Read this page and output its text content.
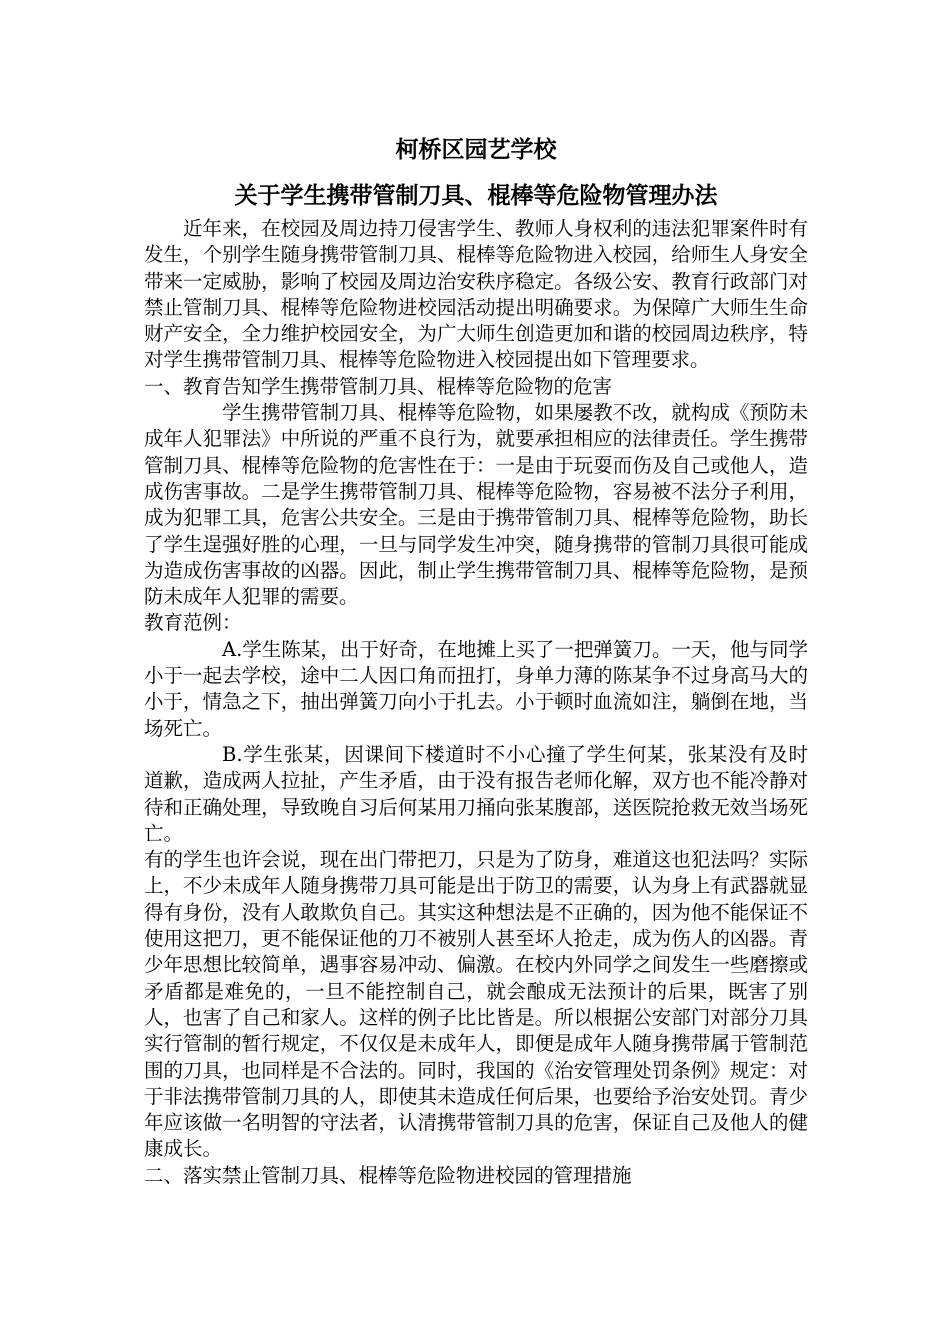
柯桥区园艺学校
关于学生携带管制刀具、棍棒等危险物管理办法

近年来，在校园及周边持刀侵害学生、教师人身权利的违法犯罪案件时有发生，个别学生随身携带管制刀具、棍棒等危险物进入校园，给师生人身安全带来一定威胁，影响了校园及周边治安秩序稳定。各级公安、教育行政部门对禁止管制刀具、棍棒等危险物进校园活动提出明确要求。为保障广大师生生命财产安全，全力维护校园安全，为广大师生创造更加和谐的校园周边秩序，特对学生携带管制刀具、棍棒等危险物进入校园提出如下管理要求。

一、教育告知学生携带管制刀具、棍棒等危险物的危害

学生携带管制刀具、棍棒等危险物，如果屡教不改，就构成《预防未成年人犯罪法》中所说的严重不良行为，就要承担相应的法律责任。学生携带管制刀具、棍棒等危险物的危害性在于：一是由于玩耍而伤及自己或他人，造成伤害事故。二是学生携带管制刀具、棍棒等危险物，容易被不法分子利用，成为犯罪工具，危害公共安全。三是由于携带管制刀具、棍棒等危险物，助长了学生逞强好胜的心理，一旦与同学发生冲突，随身携带的管制刀具很可能成为造成伤害事故的凶器。因此，制止学生携带管制刀具、棍棒等危险物，是预防未成年人犯罪的需要。

教育范例：

A.学生陈某，出于好奇，在地摊上买了一把弹簧刀。一天，他与同学小于一起去学校，途中二人因口角而扭打，身单力薄的陈某争不过身高马大的小于，情急之下，抽出弹簧刀向小于扎去。小于顿时血流如注，躺倒在地，当场死亡。

B.学生张某，因课间下楼道时不小心撞了学生何某，张某没有及时道歉，造成两人拉扯，产生矛盾，由于没有报告老师化解，双方也不能冷静对待和正确处理，导致晚自习后何某用刀捅向张某腹部，送医院抢救无效当场死亡。

有的学生也许会说，现在出门带把刀，只是为了防身，难道这也犯法吗？实际上，不少未成年人随身携带刀具可能是出于防卫的需要，认为身上有武器就显得有身份，没有人敢欺负自己。其实这种想法是不正确的，因为他不能保证不使用这把刀，更不能保证他的刀不被别人甚至坏人抢走，成为伤人的凶器。青少年思想比较简单，遇事容易冲动、偏激。在校内外同学之间发生一些磨擦或矛盾都是难免的，一旦不能控制自己，就会酿成无法预计的后果，既害了别人，也害了自己和家人。这样的例子比比皆是。所以根据公安部门对部分刀具实行管制的暂行规定，不仅仅是未成年人，即便是成年人随身携带属于管制范围的刀具，也同样是不合法的。同时，我国的《治安管理处罚条例》规定：对于非法携带管制刀具的人，即使其未造成任何后果，也要给予治安处罚。青少年应该做一名明智的守法者，认清携带管制刀具的危害，保证自己及他人的健康成长。

二、落实禁止管制刀具、棍棒等危险物进校园的管理措施
